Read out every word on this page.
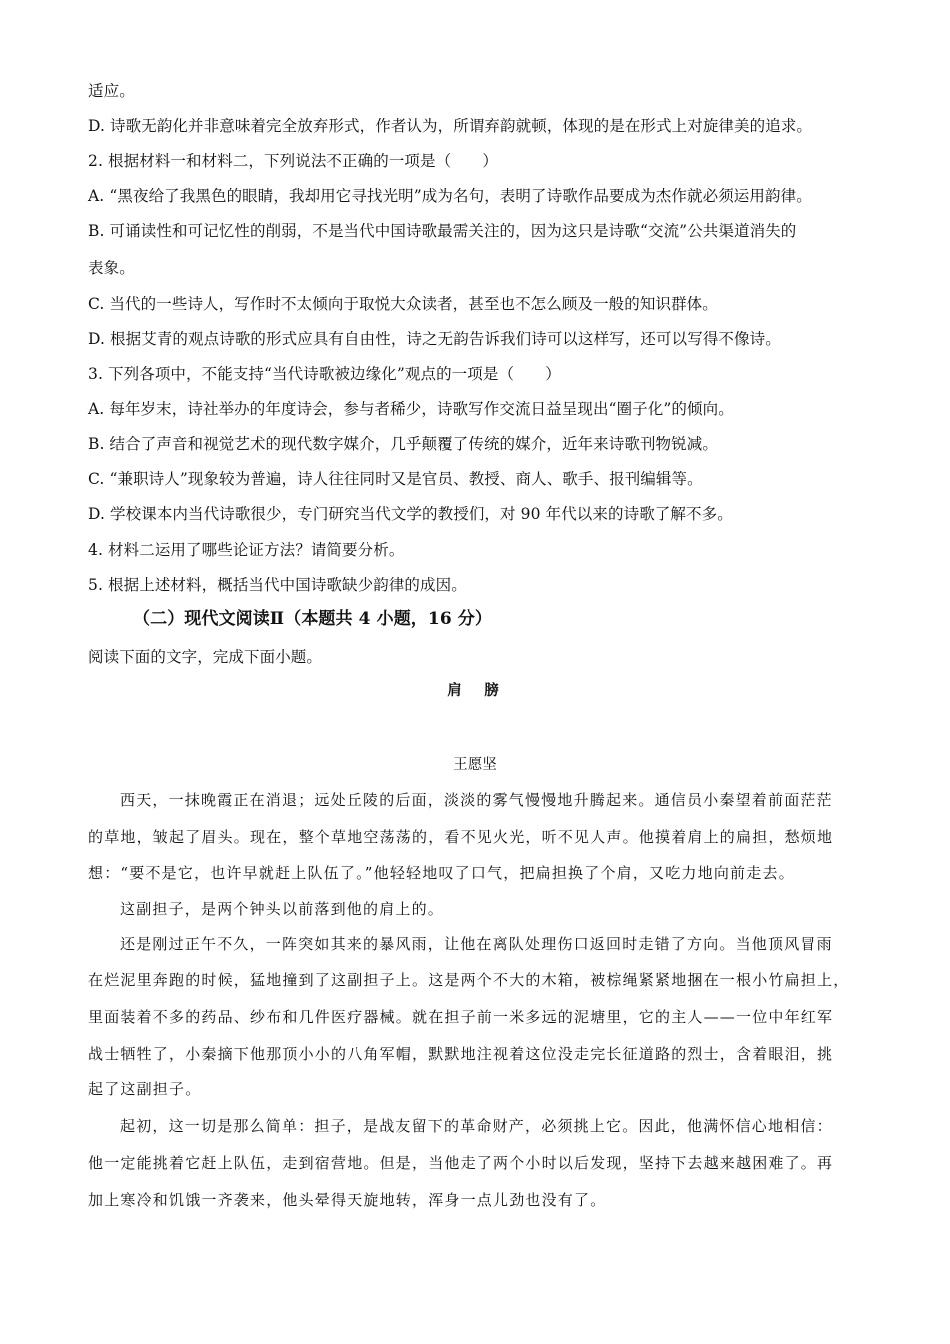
适应。
D. 诗歌无韵化并非意味着完全放弃形式，作者认为，所谓弃韵就顿，体现的是在形式上对旋律美的追求。
2. 根据材料一和材料二，下列说法不正确的一项是（　　）
A. “黑夜给了我黑色的眼睛，我却用它寻找光明”成为名句，表明了诗歌作品要成为杰作就必须运用韵律。
B. 可诵读性和可记忆性的削弱，不是当代中国诗歌最需关注的，因为这只是诗歌“交流”公共渠道消失的
表象。
C. 当代的一些诗人，写作时不太倾向于取悦大众读者，甚至也不怎么顾及一般的知识群体。
D. 根据艾青的观点诗歌的形式应具有自由性，诗之无韵告诉我们诗可以这样写，还可以写得不像诗。
3. 下列各项中，不能支持“当代诗歌被边缘化”观点的一项是（　　）
A. 每年岁末，诗社举办的年度诗会，参与者稀少，诗歌写作交流日益呈现出“圈子化”的倾向。
B. 结合了声音和视觉艺术的现代数字媒介，几乎颠覆了传统的媒介，近年来诗歌刊物锐减。
C. “兼职诗人”现象较为普遍，诗人往往同时又是官员、教授、商人、歌手、报刊编辑等。
D. 学校课本内当代诗歌很少，专门研究当代文学的教授们，对 90 年代以来的诗歌了解不多。
4. 材料二运用了哪些论证方法？请简要分析。
5. 根据上述材料，概括当代中国诗歌缺少韵律的成因。
（二）现代文阅读Ⅱ（本题共 4 小题，16 分）
阅读下面的文字，完成下面小题。
肩　膀
王愿坚
西天，一抹晚霞正在消退；远处丘陵的后面，淡淡的雾气慢慢地升腾起来。通信员小秦望着前面茫茫
的草地，皱起了眉头。现在，整个草地空荡荡的，看不见火光，听不见人声。他摸着肩上的扁担，愁烦地
想：“要不是它，也许早就赶上队伍了。”他轻轻地叹了口气，把扁担换了个肩，又吃力地向前走去。
这副担子，是两个钟头以前落到他的肩上的。
还是刚过正午不久，一阵突如其来的暴风雨，让他在离队处理伤口返回时走错了方向。当他顶风冒雨
在烂泥里奔跑的时候，猛地撞到了这副担子上。这是两个不大的木箱，被棕绳紧紧地捆在一根小竹扁担上，
里面装着不多的药品、纱布和几件医疗器械。就在担子前一米多远的泥塘里，它的主人——一位中年红军
战士牺牲了，小秦摘下他那顶小小的八角军帽，默默地注视着这位没走完长征道路的烈士，含着眼泪，挑
起了这副担子。
起初，这一切是那么简单：担子，是战友留下的革命财产，必须挑上它。因此，他满怀信心地相信：
他一定能挑着它赶上队伍，走到宿营地。但是，当他走了两个小时以后发现，坚持下去越来越困难了。再
加上寒冷和饥饿一齐袭来，他头晕得天旋地转，浑身一点儿劲也没有了。
